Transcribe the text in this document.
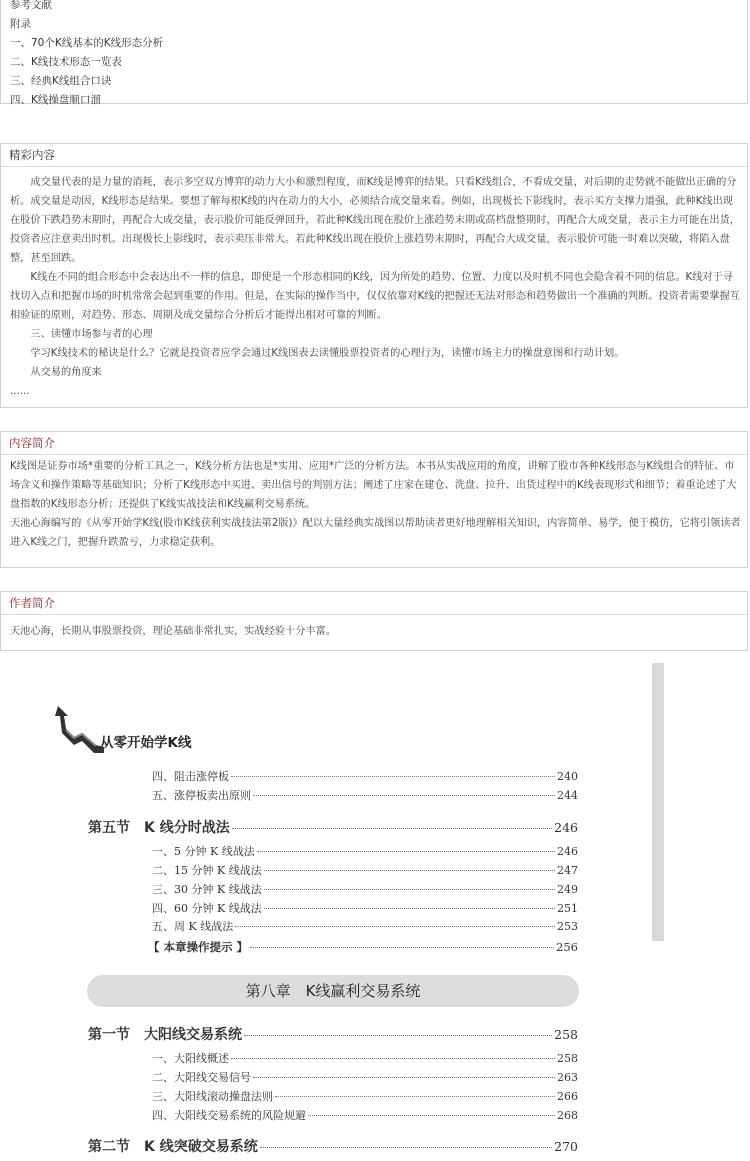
参考文献
附录
一、70个K线基本的K线形态分析
二、K线技术形态一览表
三、经典K线组合口诀
四、K线操盘顺口溜
精彩内容

成交量代表的是力量的消耗，表示多空双方博弈的动力大小和激烈程度，而K线是博弈的结果。只看K线组合，不看成交量，对后期的走势就不能做出正确的分析。成交量是动因，K线形态是结果。要想了解每根K线的内在动力的大小，必须结合成交量来看。例如，出现极长下影线时，表示买方支撑力道强，此种K线出现在股价下跌趋势末期时，再配合大成交量，表示股价可能反弹回升，若此种K线出现在股价上涨趋势末期或高档盘整期时，再配合大成交量，表示主力可能在出货，投资者应注意卖出时机。出现极长上影线时，表示卖压非常大。若此种K线出现在股价上涨趋势末期时，再配合大成交量，表示股价可能一时难以突破，将陷入盘整，甚至回跌。

K线在不同的组合形态中会表达出不一样的信息，即使是一个形态相同的K线，因为所处的趋势、位置、力度以及时机不同也会隐含着不同的信息。K线对于寻找切入点和把握市场的时机常常会起到重要的作用。但是，在实际的操作当中，仅仅依靠对K线的把握还无法对形态和趋势做出一个准确的判断。投资者需要掌握互相验证的原则，对趋势、形态、周期及成交量综合分析后才能得出相对可靠的判断。

三、读懂市场参与者的心理

学习K线技术的秘诀是什么？它就是投资者应学会通过K线图表去读懂股票投资者的心理行为，读懂市场主力的操盘意图和行动计划。

从交易的角度来

......

内容简介

K线图是证券市场*重要的分析工具之一，K线分析方法也是*实用、应用*广泛的分析方法。本书从实战应用的角度，讲解了股市各种K线形态与K线组合的特征、市场含义和操作策略等基础知识；分析了K线形态中买进、卖出信号的判别方法；阐述了庄家在建仓、洗盘、拉升、出货过程中的K线表现形式和细节；着重论述了大盘指数的K线形态分析；还提供了K线实战技法和K线赢利交易系统。

天池心海编写的《从零开始学K线(股市K线获利实战技法第2版)》配以大量经典实战图以帮助读者更好地理解相关知识，内容简单、易学，便于模仿，它将引领读者进入K线之门，把握升跌盈亏，力求稳定获利。

作者简介

天池心海，长期从事股票投资，理论基础非常扎实，实战经验十分丰富。

从零开始学K线
四、阻击涨停板	240
五、涨停板卖出原则	244
第五节　K 线分时战法	246
一、5 分钟 K 线战法	246
二、15 分钟 K 线战法	247
三、30 分钟 K 线战法	249
四、60 分钟 K 线战法	251
五、周 K 线战法	253
【 本章操作提示 】	256
第八章　K线赢利交易系统
第一节　大阳线交易系统	258
一、大阳线概述	258
二、大阳线交易信号	263
三、大阳线滚动操盘法则	266
四、大阳线交易系统的风险规避	268
第二节　K 线突破交易系统	270
